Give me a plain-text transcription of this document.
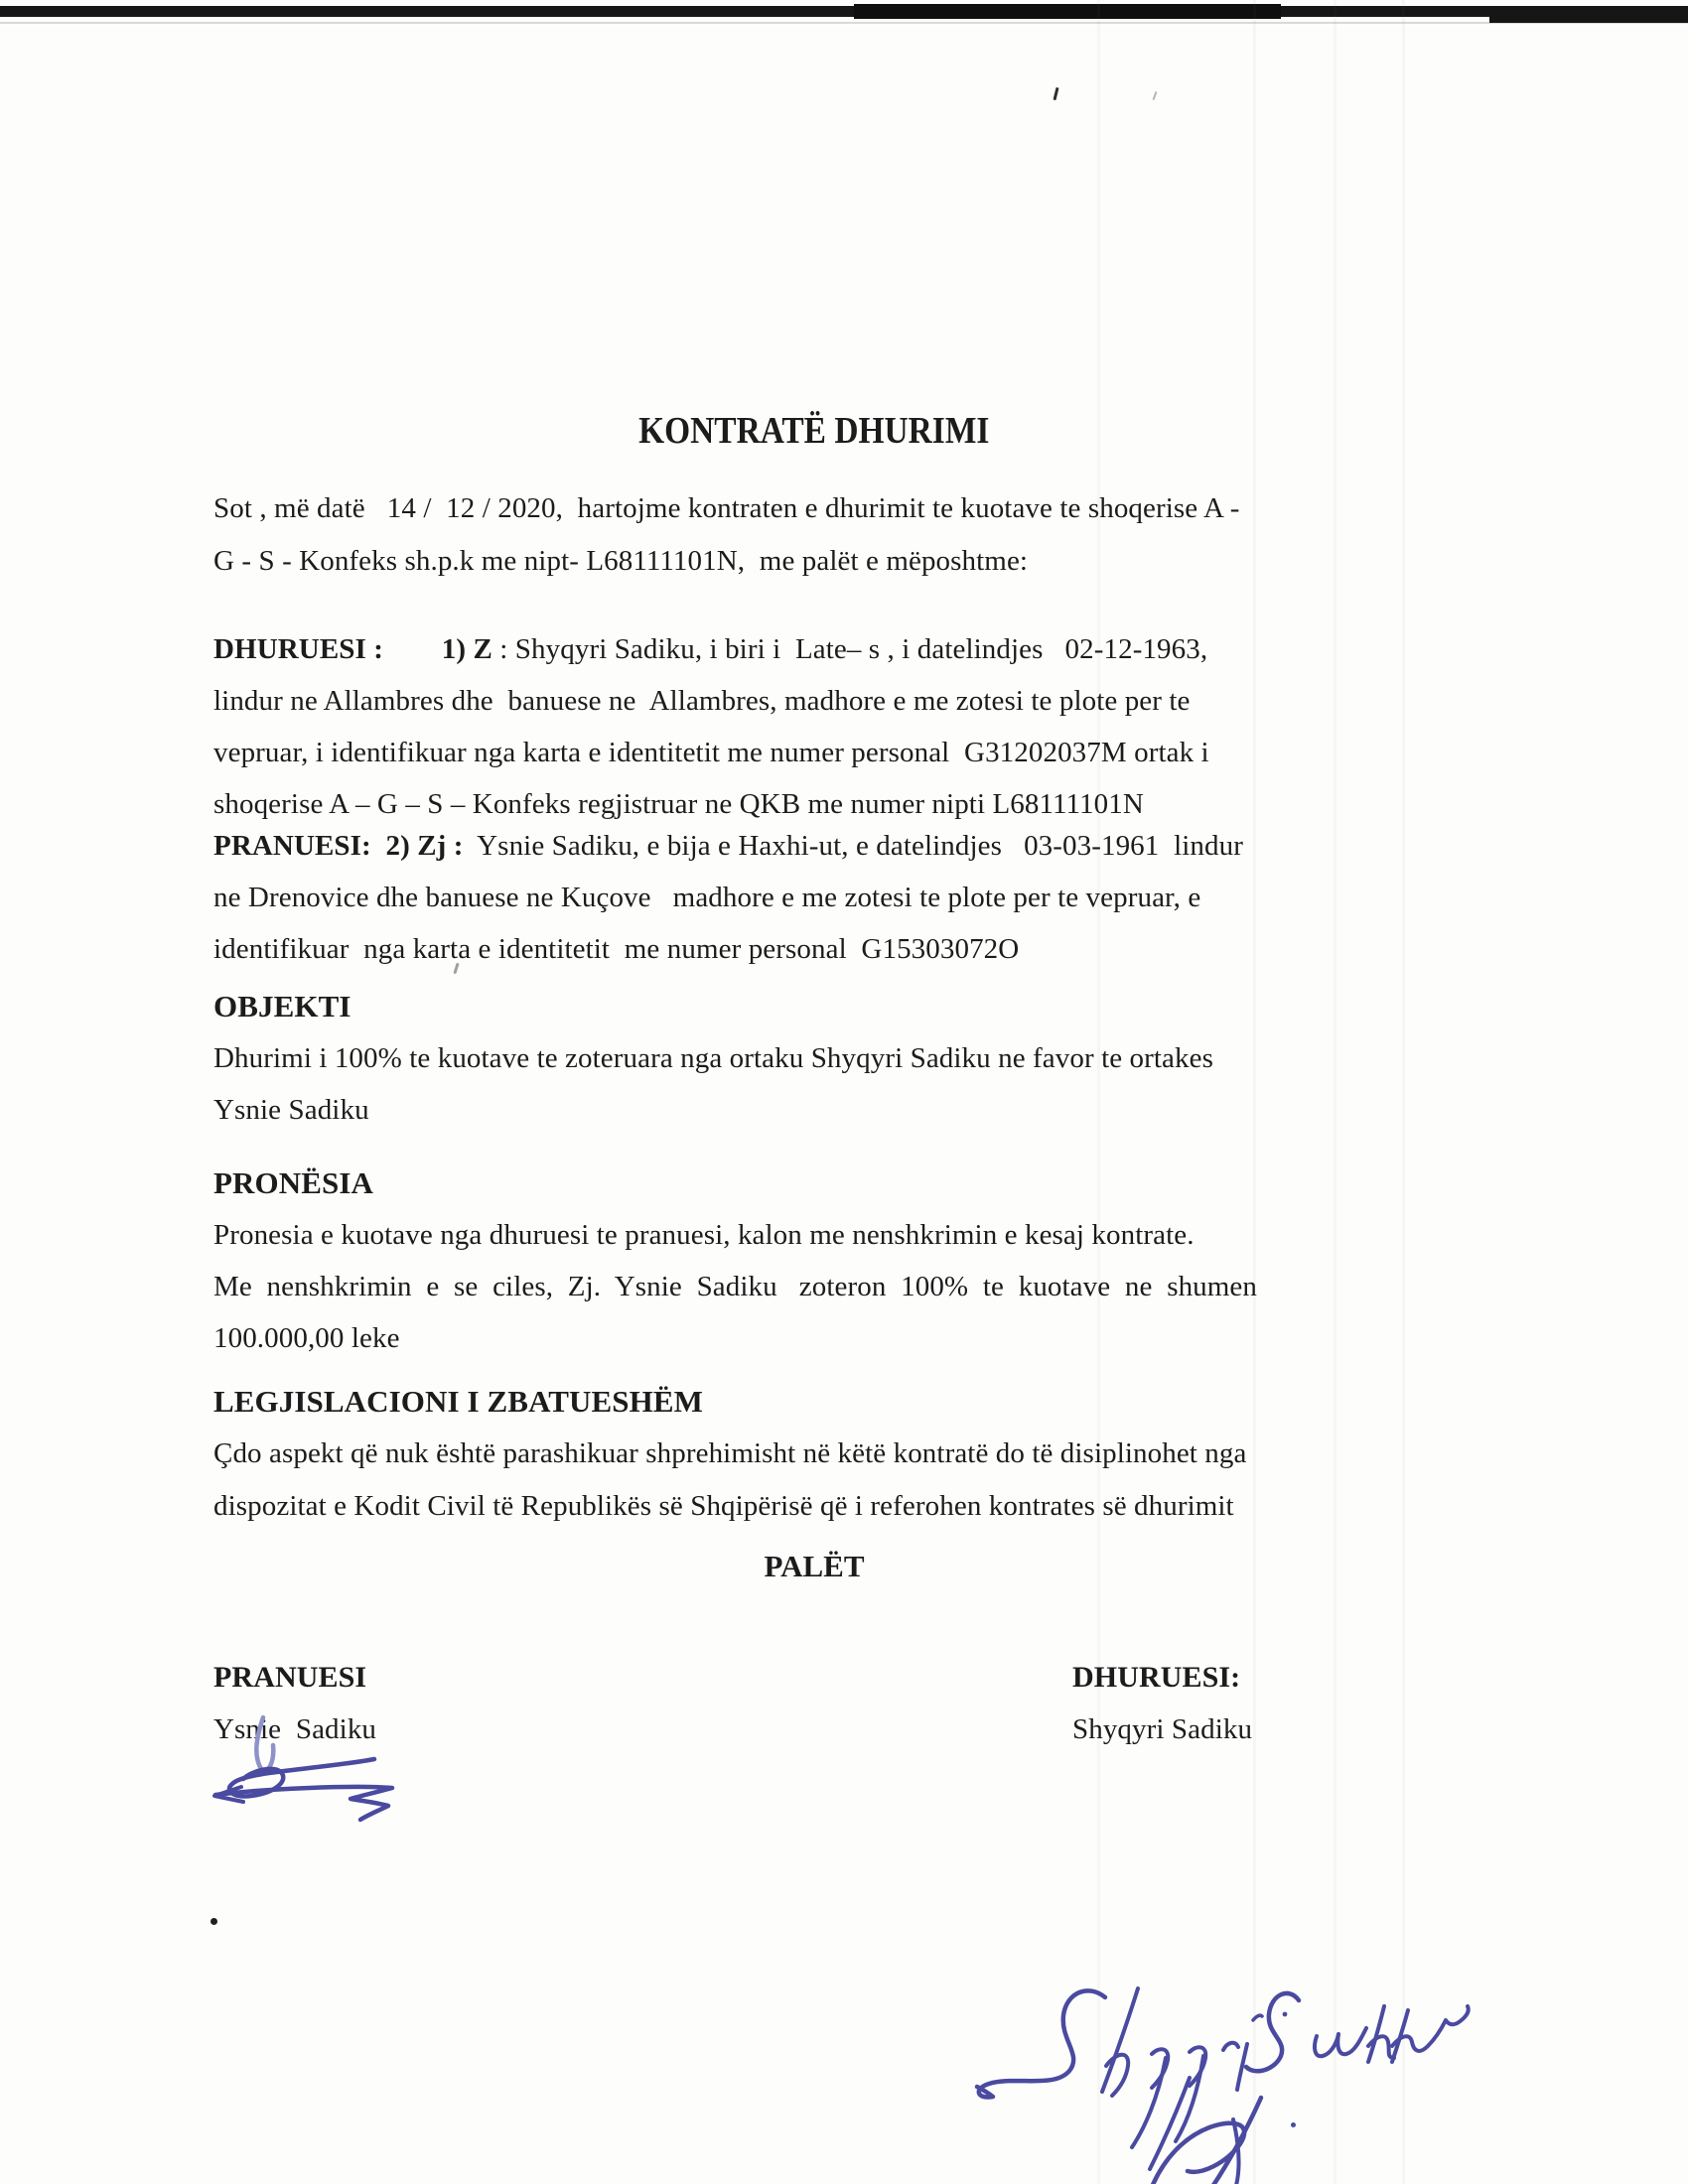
KONTRATË DHURIMI
Sot , më datë   14 /  12 / 2020,  hartojme kontraten e dhurimit te kuotave te shoqerise A -
G - S - Konfeks sh.p.k me nipt- L68111101N,  me palët e mëposhtme:
DHURUESI :        1) Z : Shyqyri Sadiku, i biri i  Late– s , i datelindjes   02-12-1963,
lindur ne Allambres dhe  banuese ne  Allambres, madhore e me zotesi te plote per te
vepruar, i identifikuar nga karta e identitetit me numer personal  G31202037M ortak i
shoqerise A – G – S – Konfeks regjistruar ne QKB me numer nipti L68111101N
PRANUESI:  2) Zj :  Ysnie Sadiku, e bija e Haxhi-ut, e datelindjes   03-03-1961  lindur
ne Drenovice dhe banuese ne Kuçove   madhore e me zotesi te plote per te vepruar, e
identifikuar  nga karta e identitetit  me numer personal  G15303072O
OBJEKTI
Dhurimi i 100% te kuotave te zoteruara nga ortaku Shyqyri Sadiku ne favor te ortakes
Ysnie Sadiku
PRONËSIA
Pronesia e kuotave nga dhuruesi te pranuesi, kalon me nenshkrimin e kesaj kontrate.
Me  nenshkrimin  e  se  ciles,  Zj.  Ysnie  Sadiku   zoteron  100%  te  kuotave  ne  shumen
100.000,00 leke
LEGJISLACIONI I ZBATUESHËM
Çdo aspekt që nuk është parashikuar shprehimisht në këtë kontratë do të disiplinohet nga
dispozitat e Kodit Civil të Republikës së Shqipërisë që i referohen kontrates së dhurimit
PALËT
PRANUESI
Ysnie  Sadiku
DHURUESI:
Shyqyri Sadiku
